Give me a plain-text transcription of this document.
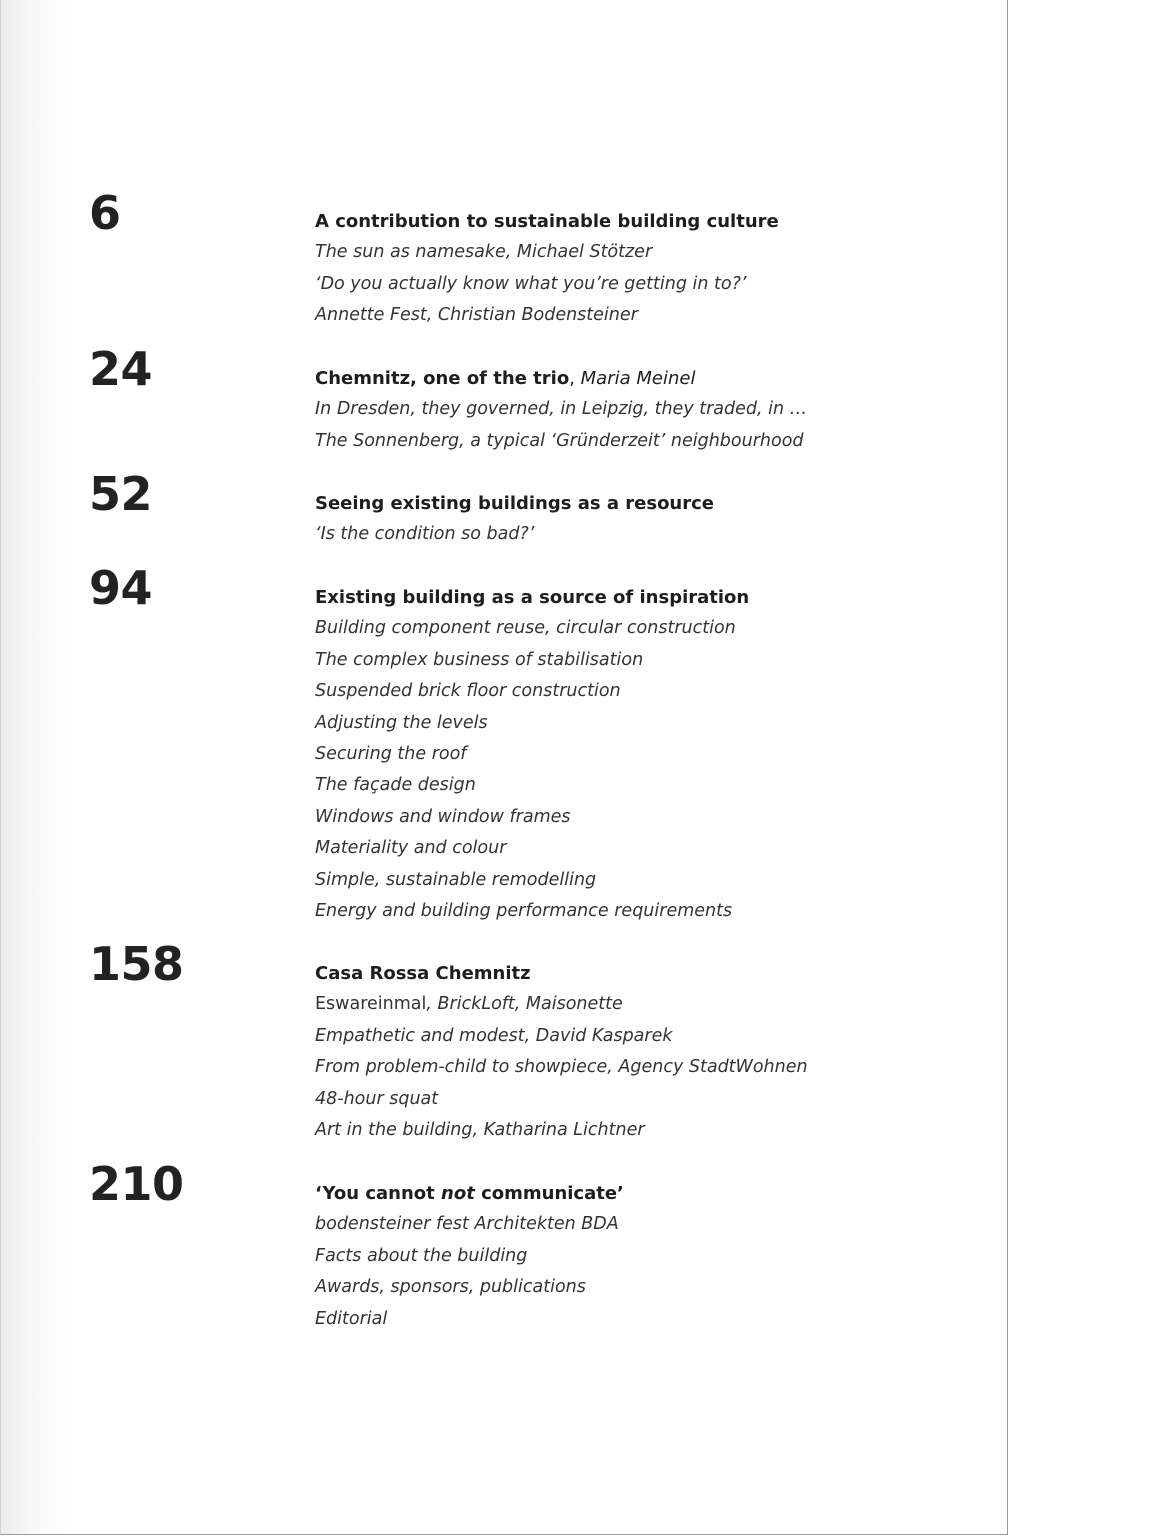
6	A contribution to sustainable building culture
The sun as namesake, Michael Stötzer
‘Do you actually know what you’re getting in to?’
Annette Fest, Christian Bodensteiner
24	Chemnitz, one of the trio, Maria Meinel
In Dresden, they governed, in Leipzig, they traded, in …
The Sonnenberg, a typical ‘Gründerzeit’ neighbourhood
52	Seeing existing buildings as a resource
‘Is the condition so bad?’
94	Existing building as a source of inspiration
Building component reuse, circular construction
The complex business of stabilisation
Suspended brick floor construction
Adjusting the levels
Securing the roof
The façade design
Windows and window frames
Materiality and colour
Simple, sustainable remodelling
Energy and building performance requirements
158	Casa Rossa Chemnitz
Eswareinmal, BrickLoft, Maisonette
Empathetic and modest, David Kasparek
From problem-child to showpiece, Agency StadtWohnen
48-hour squat
Art in the building, Katharina Lichtner
210	‘You cannot not communicate’
bodensteiner fest Architekten BDA
Facts about the building
Awards, sponsors, publications
Editorial
